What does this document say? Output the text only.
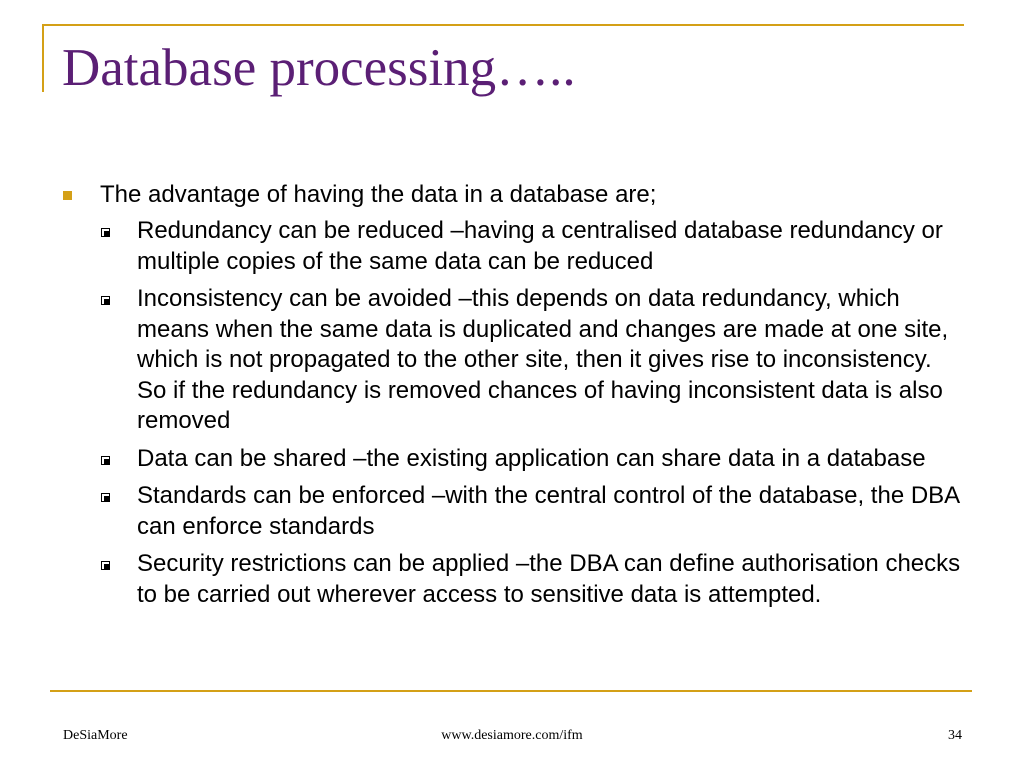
Database processing…..
The advantage of having the data in a database are;
Redundancy can be reduced –having a centralised database redundancy or multiple copies of the same data can be reduced
Inconsistency can be avoided –this depends on data redundancy, which means when the same data is duplicated and changes are made at one site, which is not propagated to the other site, then it gives rise to inconsistency. So if the redundancy is removed chances of having inconsistent data is also removed
Data can be shared –the existing application can share data in a database
Standards can be enforced –with the central control of the database, the DBA can enforce standards
Security restrictions can be applied –the DBA can define authorisation checks to be carried out wherever access to sensitive data is attempted.
DeSiaMore	www.desiamore.com/ifm	34
